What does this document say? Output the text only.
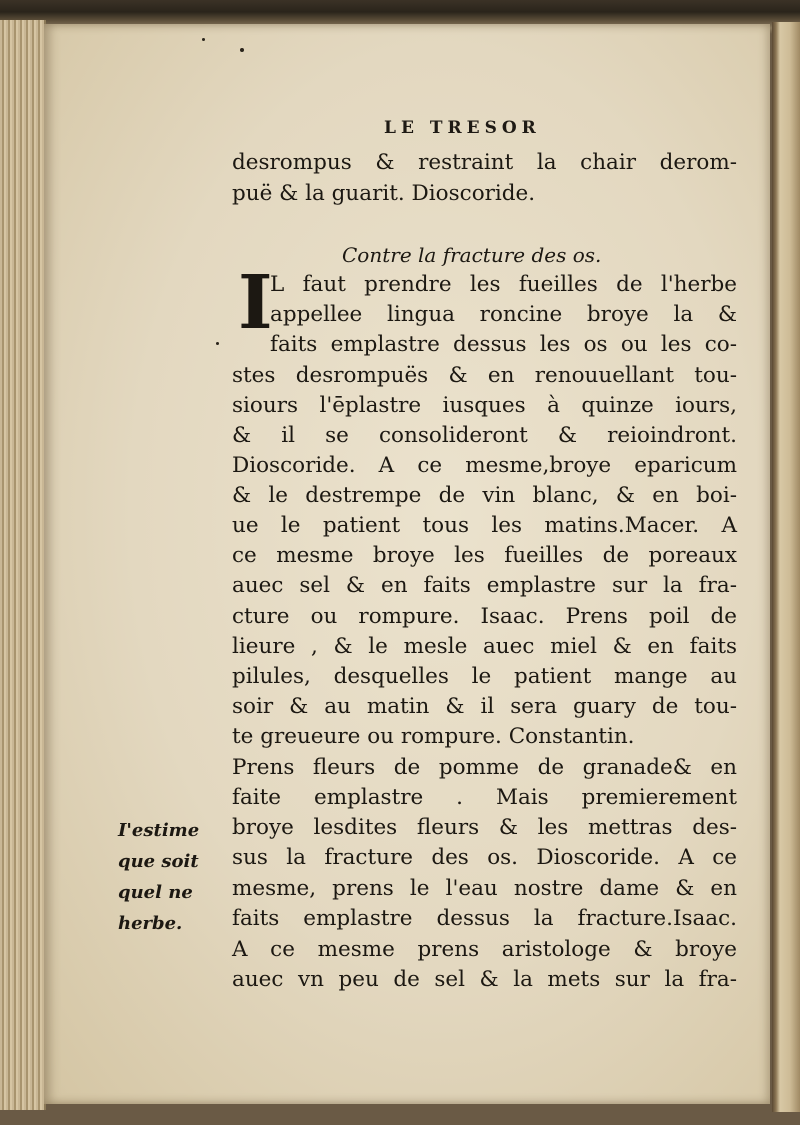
LE TRESOR
desrompus & restraint la chair derom-
puë & la guarit. Dioscoride.
Contre la fracture des os.
I
L faut prendre les fueilles de l'herbe
appellee lingua roncine broye la &
faits emplastre dessus les os ou les co-
stes desrompuës & en renouuellant tou-
siours l'ēplastre iusques à quinze iours,
& il se consolideront & reioindront.
Dioscoride. A ce mesme,broye eparicum
& le destrempe de vin blanc, & en boi-
ue le patient tous les matins.Macer. A
ce mesme broye les fueilles de poreaux
auec sel & en faits emplastre sur la fra-
cture ou rompure. Isaac. Prens poil de
lieure , & le mesle auec miel & en faits
pilules, desquelles le patient mange au
soir & au matin & il sera guary de tou-
te greueure ou rompure. Constantin.
Prens fleurs de pomme de granade& en
faite emplastre . Mais premierement
broye lesdites fleurs & les mettras des-
sus la fracture des os. Dioscoride. A ce
mesme, prens le l'eau nostre dame & en
faits emplastre dessus la fracture.Isaac.
A ce mesme prens aristologe & broye
auec vn peu de sel & la mets sur la fra-
I'estime
que soit
quel ne
herbe.
